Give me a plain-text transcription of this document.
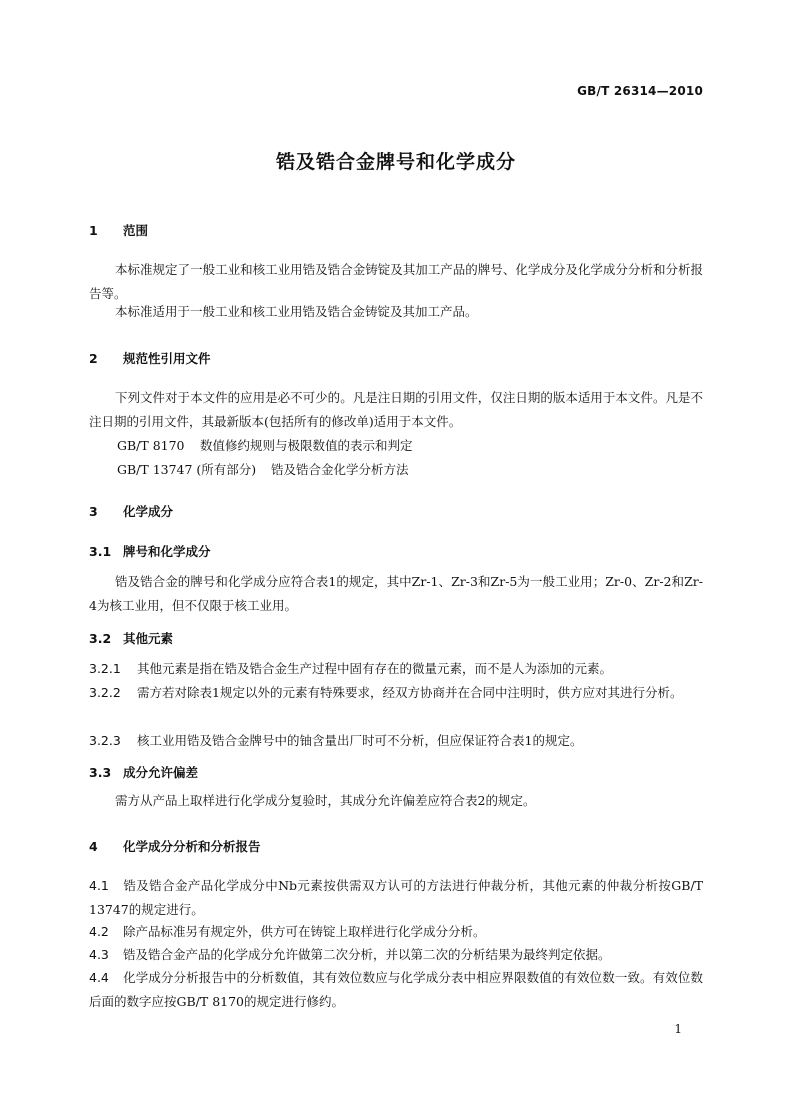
GB/T 26314—2010
锆及锆合金牌号和化学成分
1 范围
本标准规定了一般工业和核工业用锆及锆合金铸锭及其加工产品的牌号、化学成分及化学成分分析和分析报告等。
本标准适用于一般工业和核工业用锆及锆合金铸锭及其加工产品。
2 规范性引用文件
下列文件对于本文件的应用是必不可少的。凡是注日期的引用文件，仅注日期的版本适用于本文件。凡是不注日期的引用文件，其最新版本(包括所有的修改单)适用于本文件。
GB/T 8170 数值修约规则与极限数值的表示和判定
GB/T 13747 (所有部分) 锆及锆合金化学分析方法
3 化学成分
3.1 牌号和化学成分
锆及锆合金的牌号和化学成分应符合表1的规定，其中Zr-1、Zr-3和Zr-5为一般工业用；Zr-0、Zr-2和Zr-4为核工业用，但不仅限于核工业用。
3.2 其他元素
3.2.1 其他元素是指在锆及锆合金生产过程中固有存在的微量元素，而不是人为添加的元素。
3.2.2 需方若对除表1规定以外的元素有特殊要求，经双方协商并在合同中注明时，供方应对其进行分析。
3.2.3 核工业用锆及锆合金牌号中的铀含量出厂时可不分析，但应保证符合表1的规定。
3.3 成分允许偏差
需方从产品上取样进行化学成分复验时，其成分允许偏差应符合表2的规定。
4 化学成分分析和分析报告
4.1 锆及锆合金产品化学成分中Nb元素按供需双方认可的方法进行仲裁分析，其他元素的仲裁分析按GB/T 13747的规定进行。
4.2 除产品标准另有规定外，供方可在铸锭上取样进行化学成分分析。
4.3 锆及锆合金产品的化学成分允许做第二次分析，并以第二次的分析结果为最终判定依据。
4.4 化学成分分析报告中的分析数值，其有效位数应与化学成分表中相应界限数值的有效位数一致。有效位数后面的数字应按GB/T 8170的规定进行修约。
1
